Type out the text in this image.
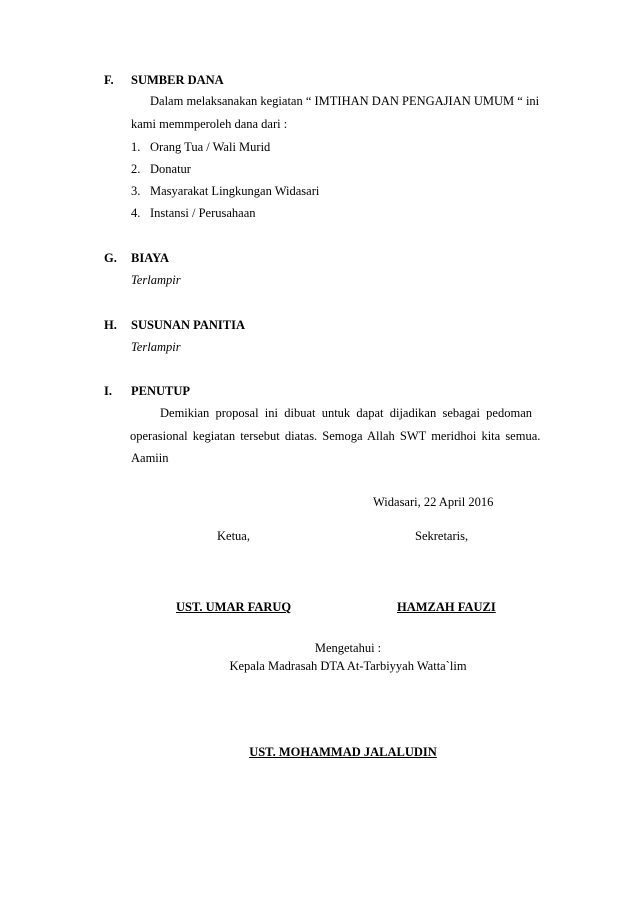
F. SUMBER DANA
Dalam melaksanakan kegiatan “ IMTIHAN DAN PENGAJIAN UMUM “ ini
kami memmperoleh dana dari :
1. Orang Tua / Wali Murid
2. Donatur
3. Masyarakat Lingkungan Widasari
4. Instansi / Perusahaan
G. BIAYA
Terlampir
H. SUSUNAN PANITIA
Terlampir
I. PENUTUP
Demikian proposal ini dibuat untuk dapat dijadikan sebagai pedoman
operasional kegiatan tersebut diatas. Semoga Allah SWT meridhoi kita semua.
Aamiin
Widasari, 22 April 2016
Ketua,	Sekretaris,
UST. UMAR FARUQ	HAMZAH FAUZI
Mengetahui :
Kepala Madrasah DTA At-Tarbiyyah Watta`lim
UST. MOHAMMAD JALALUDIN
